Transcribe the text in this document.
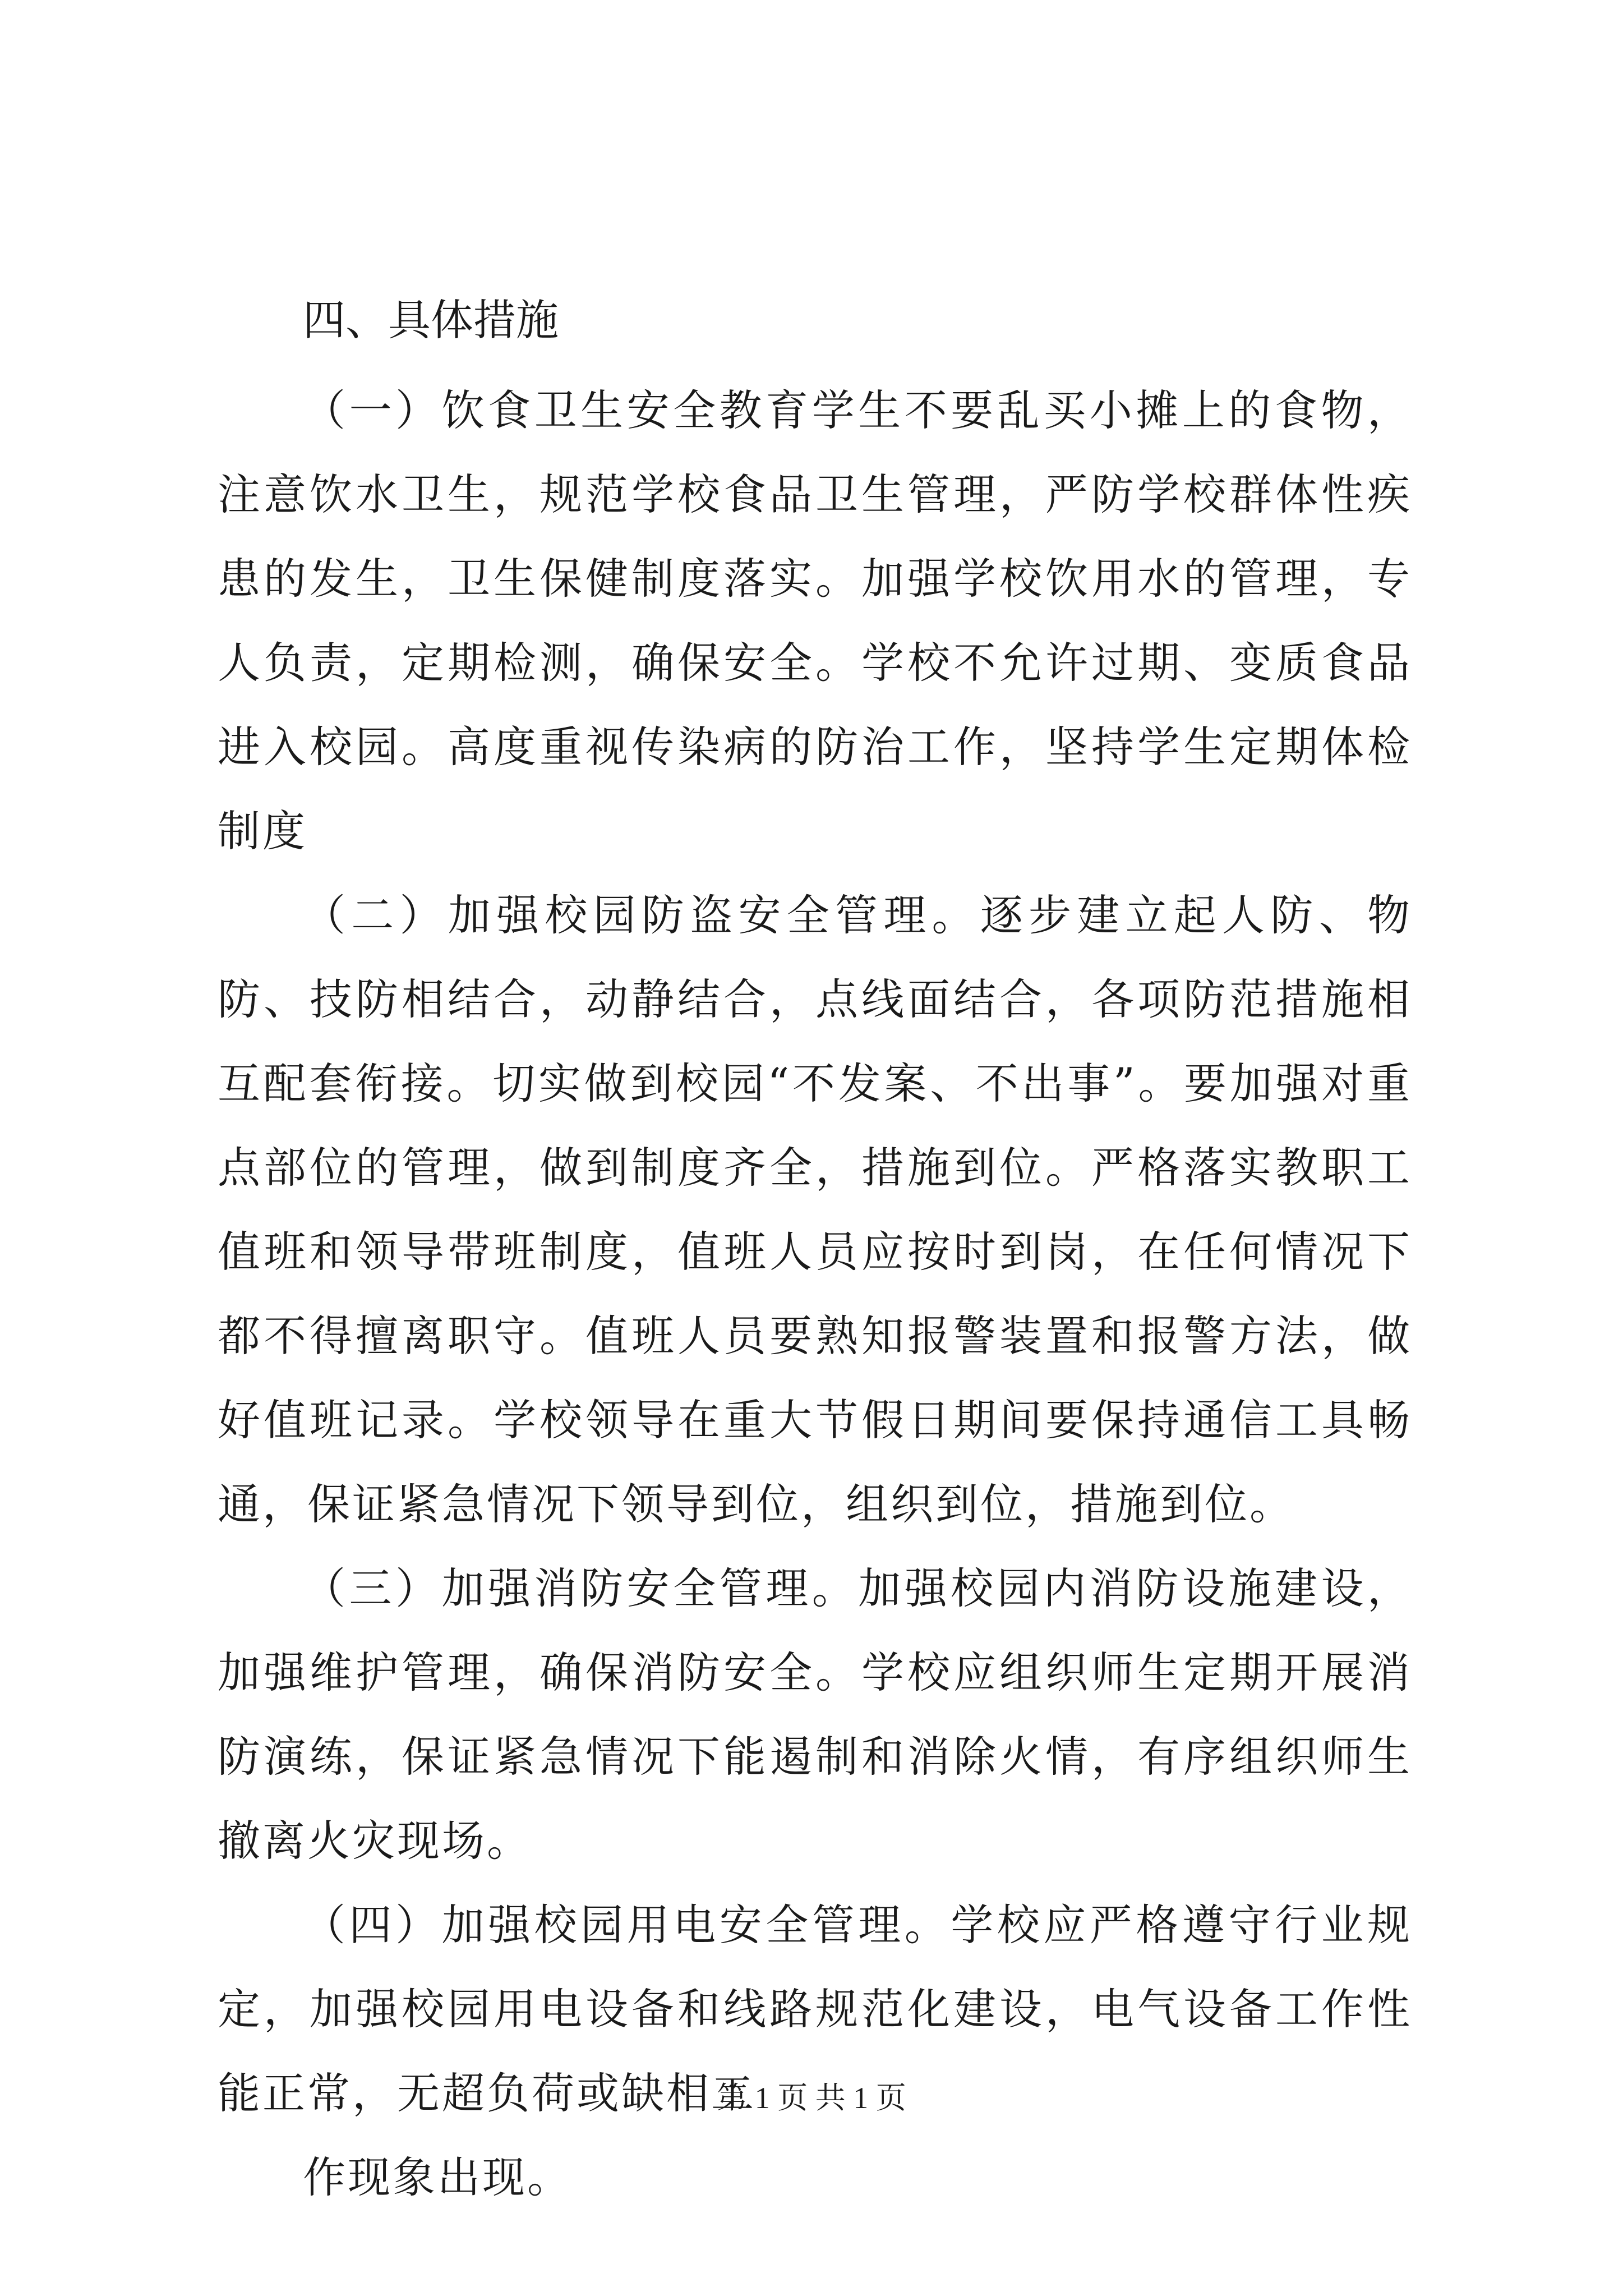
四、具体措施

（一）饮食卫生安全教育学生不要乱买小摊上的食物，注意饮水卫生，规范学校食品卫生管理，严防学校群体性疾患的发生，卫生保健制度落实。加强学校饮用水的管理，专人负责，定期检测，确保安全。学校不允许过期、变质食品进入校园。高度重视传染病的防治工作，坚持学生定期体检制度

（二）加强校园防盗安全管理。逐步建立起人防、物防、技防相结合，动静结合，点线面结合，各项防范措施相互配套衔接。切实做到校园“不发案、不出事”。要加强对重点部位的管理，做到制度齐全，措施到位。严格落实教职工值班和领导带班制度，值班人员应按时到岗，在任何情况下都不得擅离职守。值班人员要熟知报警装置和报警方法，做好值班记录。学校领导在重大节假日期间要保持通信工具畅通，保证紧急情况下领导到位，组织到位，措施到位。

（三）加强消防安全管理。加强校园内消防设施建设，加强维护管理，确保消防安全。学校应组织师生定期开展消防演练，保证紧急情况下能遏制和消除火情，有序组织师生撤离火灾现场。

（四）加强校园用电安全管理。学校应严格遵守行业规定，加强校园用电设备和线路规范化建设，电气设备工作性能正常，无超负荷或缺相工

作现象出现。

第 1 页 共 1 页
